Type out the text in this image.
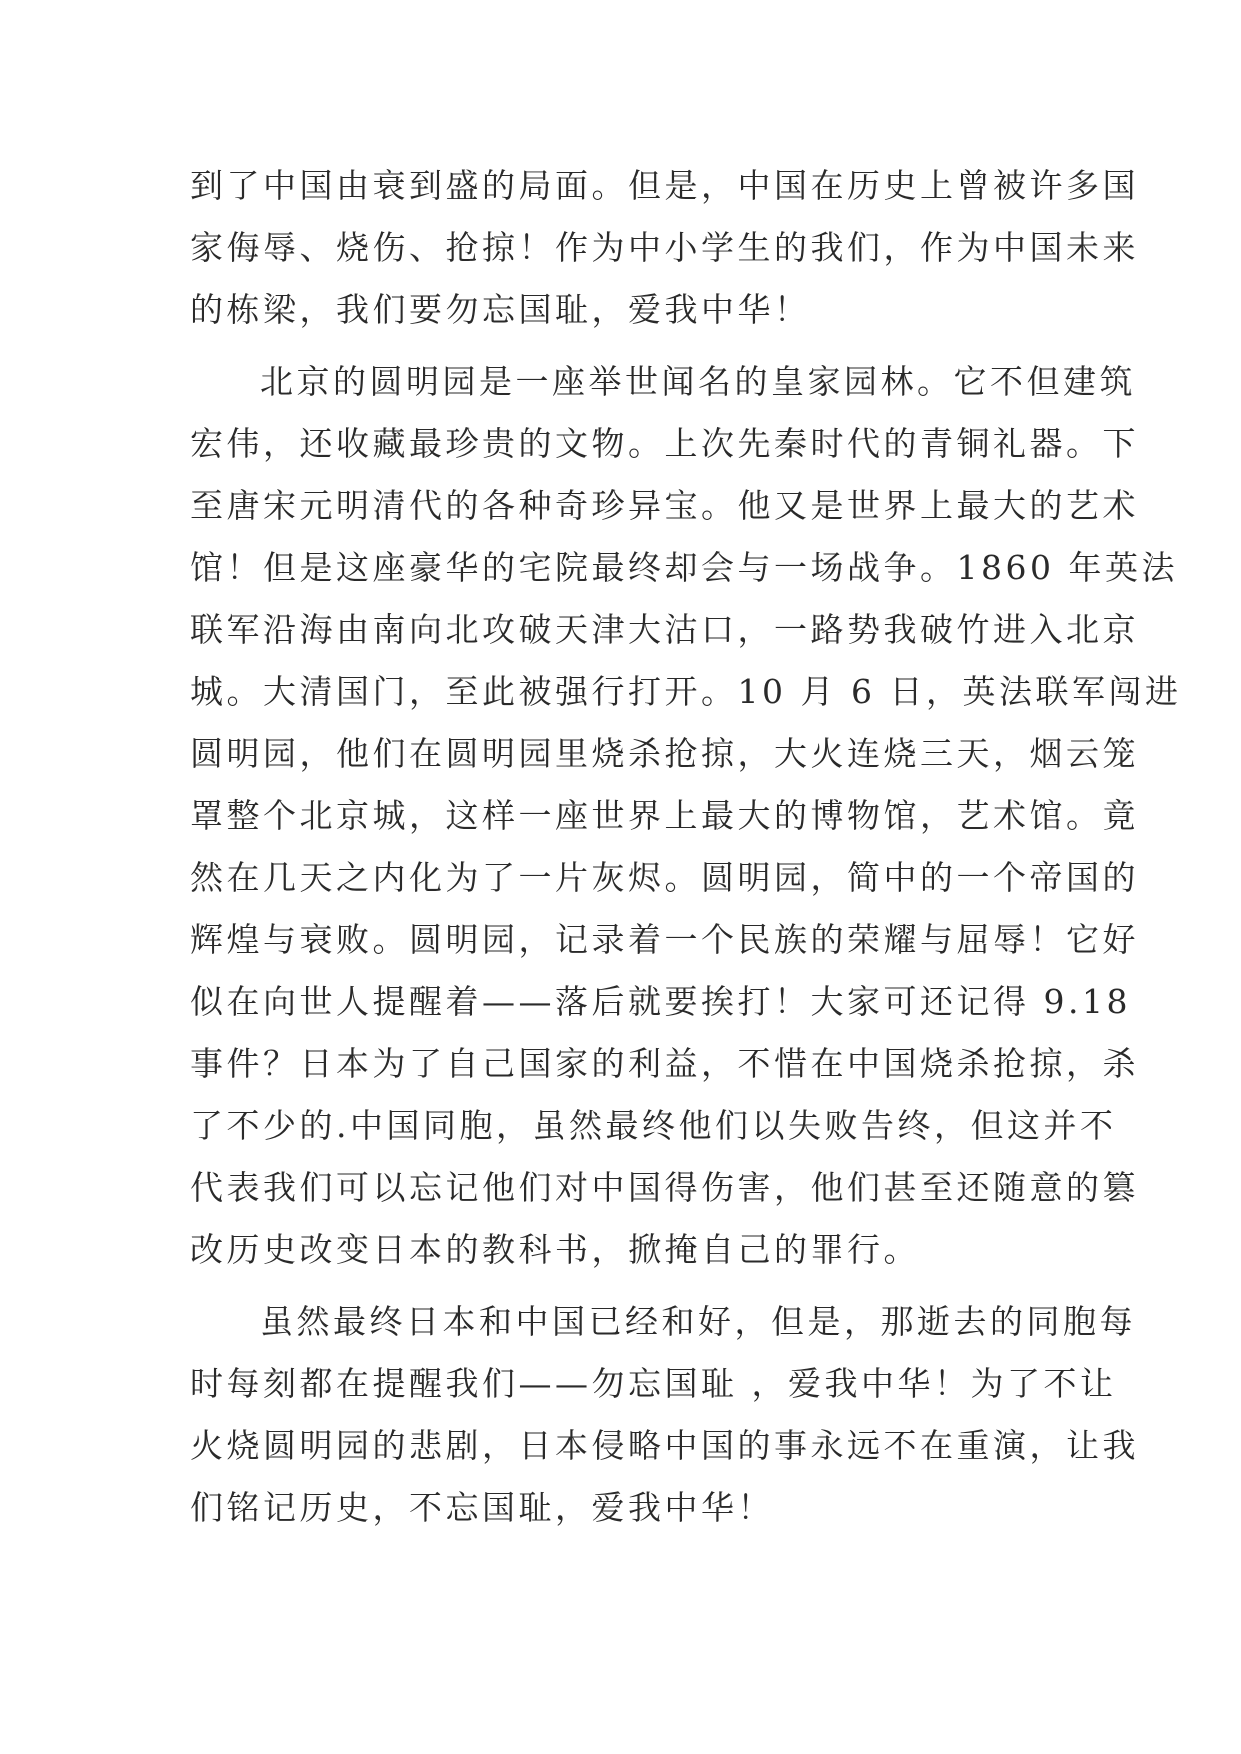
到了中国由衰到盛的局面。但是，中国在历史上曾被许多国
家侮辱、烧伤、抢掠！作为中小学生的我们，作为中国未来
的栋梁，我们要勿忘国耻，爱我中华！
北京的圆明园是一座举世闻名的皇家园林。它不但建筑
宏伟，还收藏最珍贵的文物。上次先秦时代的青铜礼器。下
至唐宋元明清代的各种奇珍异宝。他又是世界上最大的艺术
馆！但是这座豪华的宅院最终却会与一场战争。1860 年英法
联军沿海由南向北攻破天津大沽口，一路势我破竹进入北京
城。大清国门，至此被强行打开。10 月 6 日，英法联军闯进
圆明园，他们在圆明园里烧杀抢掠，大火连烧三天，烟云笼
罩整个北京城，这样一座世界上最大的博物馆，艺术馆。竟
然在几天之内化为了一片灰烬。圆明园，简中的一个帝国的
辉煌与衰败。圆明园，记录着一个民族的荣耀与屈辱！它好
似在向世人提醒着——落后就要挨打！大家可还记得 9.18
事件？日本为了自己国家的利益，不惜在中国烧杀抢掠，杀
了不少的.中国同胞，虽然最终他们以失败告终，但这并不
代表我们可以忘记他们对中国得伤害，他们甚至还随意的篡
改历史改变日本的教科书，掀掩自己的罪行。
虽然最终日本和中国已经和好，但是，那逝去的同胞每
时每刻都在提醒我们——勿忘国耻 ，爱我中华！为了不让
火烧圆明园的悲剧，日本侵略中国的事永远不在重演，让我
们铭记历史，不忘国耻，爱我中华！
